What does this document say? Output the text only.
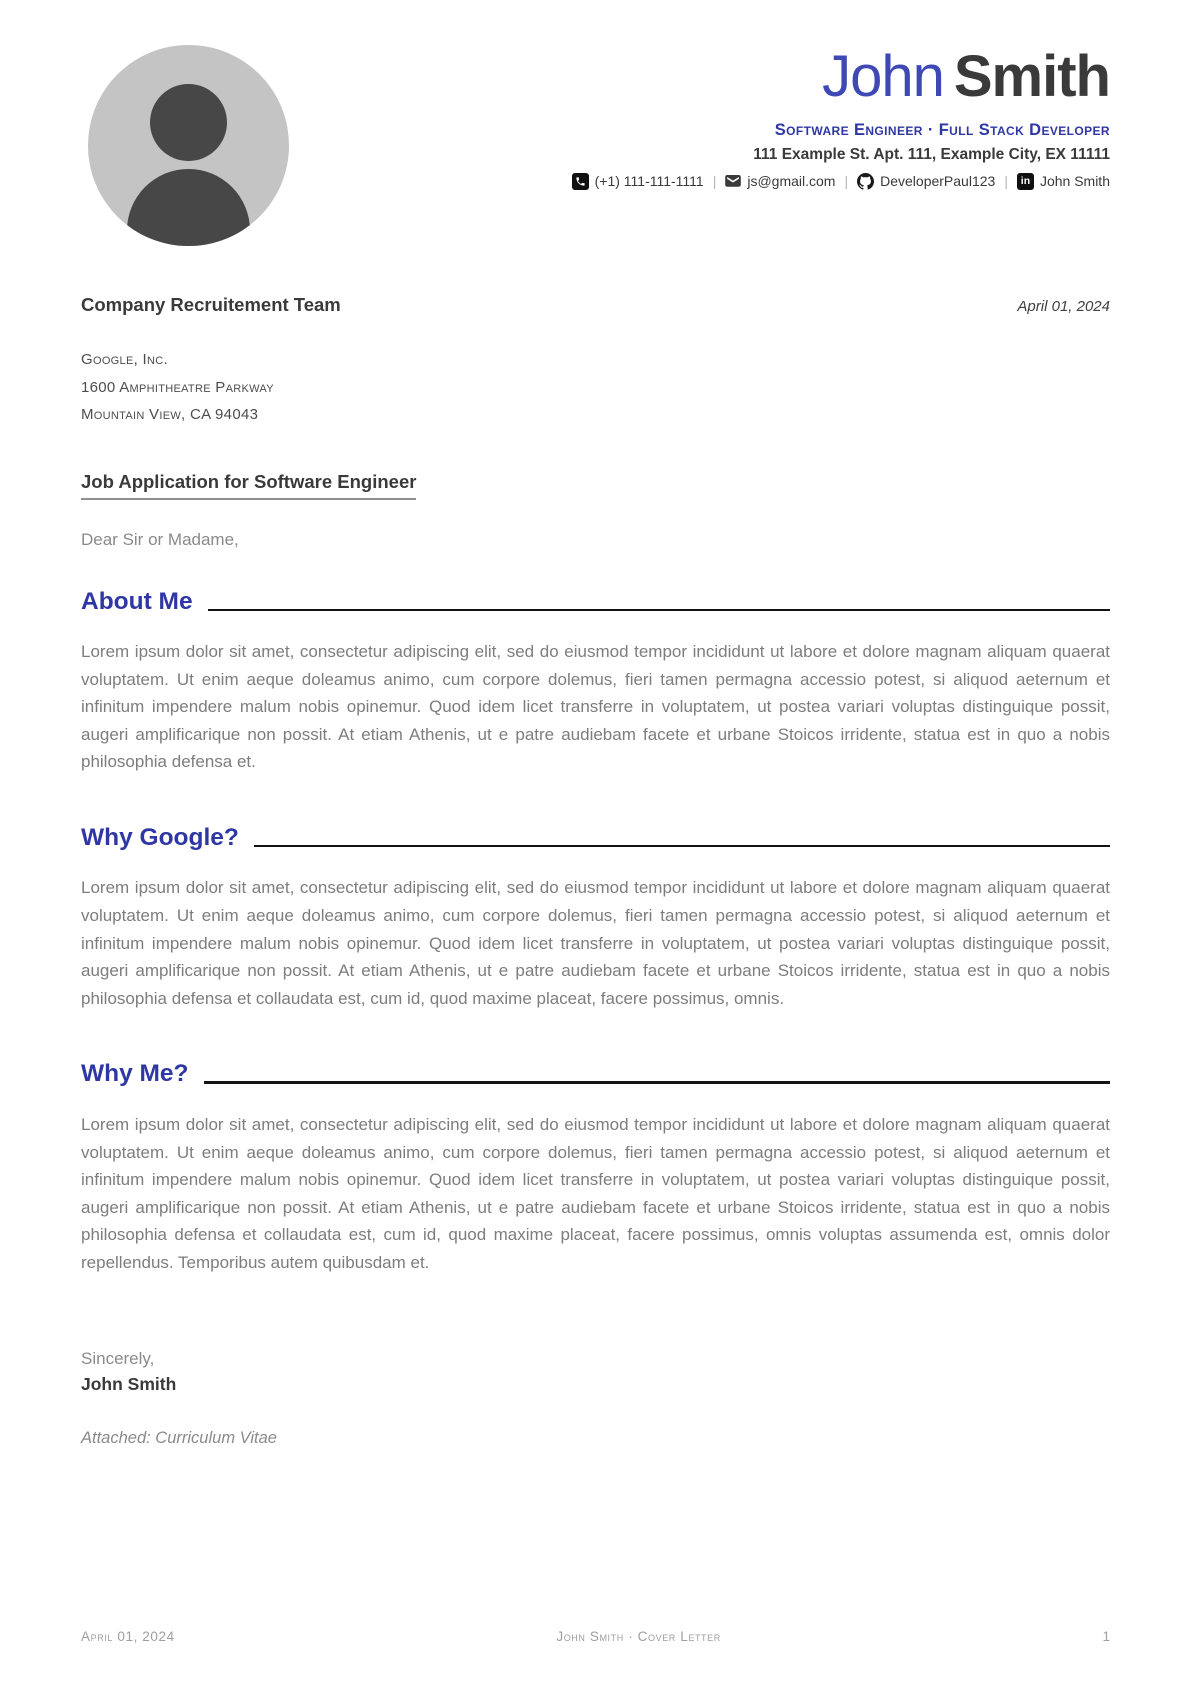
John Smith
Software Engineer · Full Stack Developer
111 Example St. Apt. 111, Example City, EX 11111
(+1) 111-111-1111 | js@gmail.com | DeveloperPaul123 | in John Smith
Company Recruitement Team	April 01, 2024
Google, Inc.
1600 Amphitheatre Parkway
Mountain View, CA 94043
Job Application for Software Engineer
Dear Sir or Madame,
About Me
Lorem ipsum dolor sit amet, consectetur adipiscing elit, sed do eiusmod tempor incididunt ut labore et dolore magnam aliquam quaerat voluptatem. Ut enim aeque doleamus animo, cum corpore dolemus, fieri tamen permagna accessio potest, si aliquod aeternum et infinitum impendere malum nobis opinemur. Quod idem licet transferre in voluptatem, ut postea variari voluptas distinguique possit, augeri amplificarique non possit. At etiam Athenis, ut e patre audiebam facete et urbane Stoicos irridente, statua est in quo a nobis philosophia defensa et.
Why Google?
Lorem ipsum dolor sit amet, consectetur adipiscing elit, sed do eiusmod tempor incididunt ut labore et dolore magnam aliquam quaerat voluptatem. Ut enim aeque doleamus animo, cum corpore dolemus, fieri tamen permagna accessio potest, si aliquod aeternum et infinitum impendere malum nobis opinemur. Quod idem licet transferre in voluptatem, ut postea variari voluptas distinguique possit, augeri amplificarique non possit. At etiam Athenis, ut e patre audiebam facete et urbane Stoicos irridente, statua est in quo a nobis philosophia defensa et collaudata est, cum id, quod maxime placeat, facere possimus, omnis.
Why Me?
Lorem ipsum dolor sit amet, consectetur adipiscing elit, sed do eiusmod tempor incididunt ut labore et dolore magnam aliquam quaerat voluptatem. Ut enim aeque doleamus animo, cum corpore dolemus, fieri tamen permagna accessio potest, si aliquod aeternum et infinitum impendere malum nobis opinemur. Quod idem licet transferre in voluptatem, ut postea variari voluptas distinguique possit, augeri amplificarique non possit. At etiam Athenis, ut e patre audiebam facete et urbane Stoicos irridente, statua est in quo a nobis philosophia defensa et collaudata est, cum id, quod maxime placeat, facere possimus, omnis voluptas assumenda est, omnis dolor repellendus. Temporibus autem quibusdam et.
Sincerely,
John Smith
Attached: Curriculum Vitae
April 01, 2024	John Smith · Cover Letter	1
